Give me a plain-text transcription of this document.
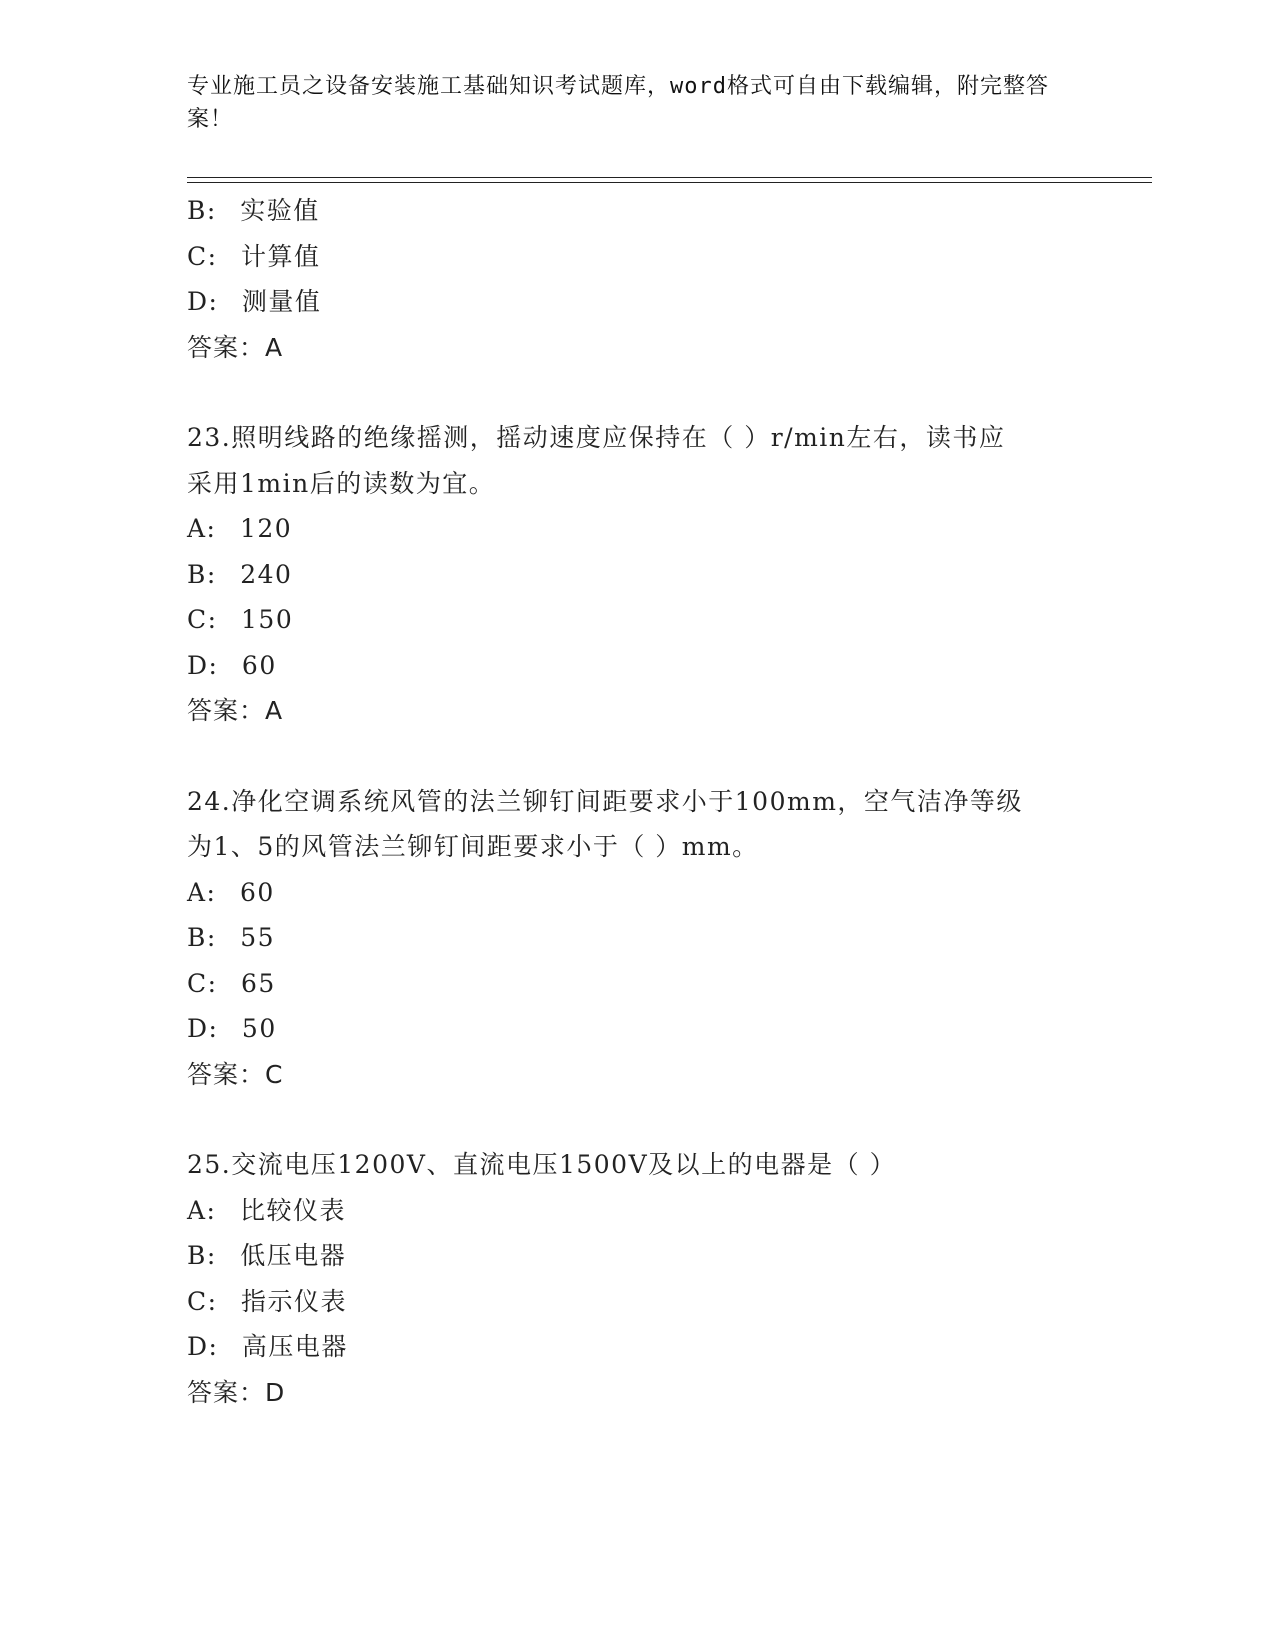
专业施工员之设备安装施工基础知识考试题库，word格式可自由下载编辑，附完整答案！
B: 实验值
C: 计算值
D: 测量值
答案：A
23.照明线路的绝缘摇测，摇动速度应保持在（ ）r/min左右，读书应
采用1min后的读数为宜。
A: 120
B: 240
C: 150
D: 60
答案：A
24.净化空调系统风管的法兰铆钉间距要求小于100mm，空气洁净等级
为1、5的风管法兰铆钉间距要求小于（ ）mm。
A: 60
B: 55
C: 65
D: 50
答案：C
25.交流电压1200V、直流电压1500V及以上的电器是（ ）
A: 比较仪表
B: 低压电器
C: 指示仪表
D: 高压电器
答案：D
